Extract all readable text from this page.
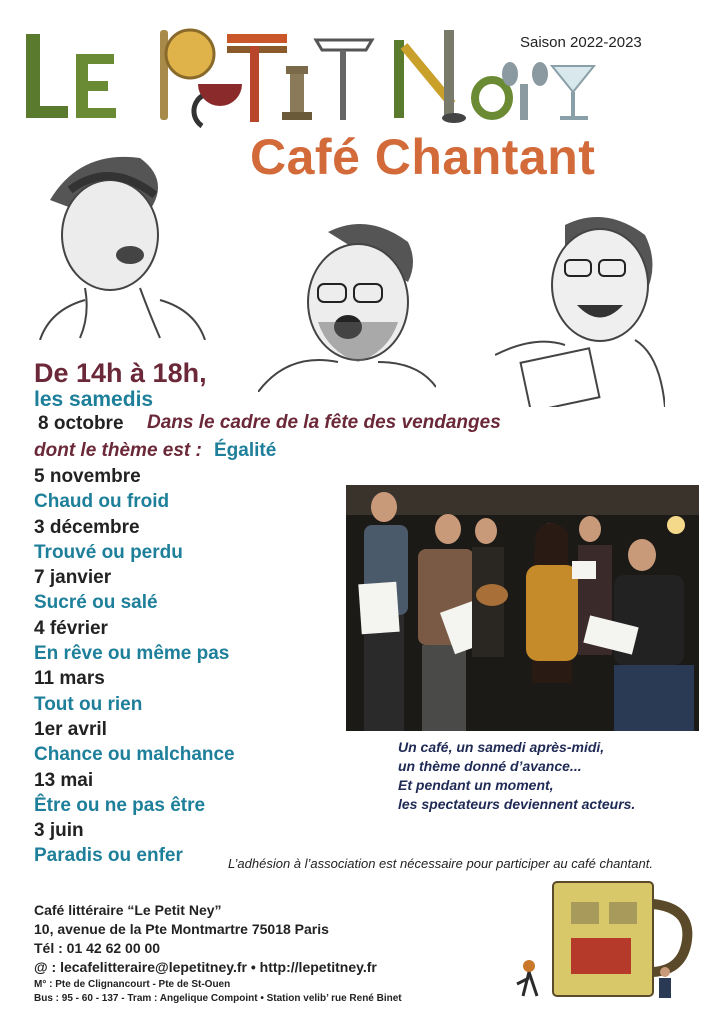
Saison 2022-2023
Café Chantant
De 14h à 18h,
les samedis
8 octobre Dans le cadre de la fête des vendanges
dont le thème est : Égalité
5 novembre
Chaud ou froid
3 décembre
Trouvé ou perdu
7 janvier
Sucré ou salé
4 février
En rêve ou même pas
11 mars
Tout ou rien
1er avril
Chance ou malchance
13 mai
Être ou ne pas être
3 juin
Paradis ou enfer
Un café, un samedi après-midi,
un thème donné d’avance...
Et pendant un moment,
les spectateurs deviennent acteurs.
L’adhésion à l’association est nécessaire pour participer au café chantant.
Café littéraire “Le Petit Ney”
10, avenue de la Pte Montmartre 75018 Paris
Tél : 01 42 62 00 00
@ : lecafelitteraire@lepetitney.fr • http://lepetitney.fr
M° : Pte de Clignancourt - Pte de St-Ouen
Bus : 95 - 60 - 137 - Tram : Angelique Compoint • Station velib’ rue René Binet
